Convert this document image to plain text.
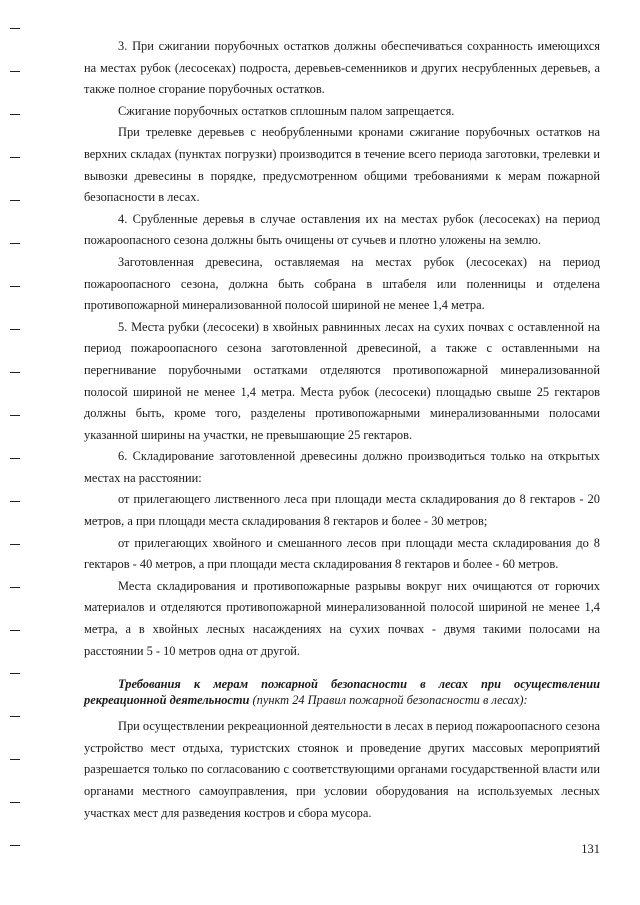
3. При сжигании порубочных остатков должны обеспечиваться сохранность имеющихся на местах рубок (лесосеках) подроста, деревьев-семенников и других несрубленных деревьев, а также полное сгорание порубочных остатков.

Сжигание порубочных остатков сплошным палом запрещается.

При трелевке деревьев с необрубленными кронами сжигание порубочных остатков на верхних складах (пунктах погрузки) производится в течение всего периода заготовки, трелевки и вывозки древесины в порядке, предусмотренном общими требованиями к мерам пожарной безопасности в лесах.

4. Срубленные деревья в случае оставления их на местах рубок (лесосеках) на период пожароопасного сезона должны быть очищены от сучьев и плотно уложены на землю.

Заготовленная древесина, оставляемая на местах рубок (лесосеках) на период пожароопасного сезона, должна быть собрана в штабеля или поленницы и отделена противопожарной минерализованной полосой шириной не менее 1,4 метра.

5. Места рубки (лесосеки) в хвойных равнинных лесах на сухих почвах с оставленной на период пожароопасного сезона заготовленной древесиной, а также с оставленными на перегнивание порубочными остатками отделяются противопожарной минерализованной полосой шириной не менее 1,4 метра. Места рубок (лесосеки) площадью свыше 25 гектаров должны быть, кроме того, разделены противопожарными минерализованными полосами указанной ширины на участки, не превышающие 25 гектаров.

6. Складирование заготовленной древесины должно производиться только на открытых местах на расстоянии:

от прилегающего лиственного леса при площади места складирования до 8 гектаров - 20 метров, а при площади места складирования 8 гектаров и более - 30 метров;

от прилегающих хвойного и смешанного лесов при площади места складирования до 8 гектаров - 40 метров, а при площади места складирования 8 гектаров и более - 60 метров.

Места складирования и противопожарные разрывы вокруг них очищаются от горючих материалов и отделяются противопожарной минерализованной полосой шириной не менее 1,4 метра, а в хвойных лесных насаждениях на сухих почвах - двумя такими полосами на расстоянии 5 - 10 метров одна от другой.

Требования к мерам пожарной безопасности в лесах при осуществлении рекреационной деятельности (пункт 24 Правил пожарной безопасности в лесах):

При осуществлении рекреационной деятельности в лесах в период пожароопасного сезона устройство мест отдыха, туристских стоянок и проведение других массовых мероприятий разрешается только по согласованию с соответствующими органами государственной власти или органами местного самоуправления, при условии оборудования на используемых лесных участках мест для разведения костров и сбора мусора.

131
